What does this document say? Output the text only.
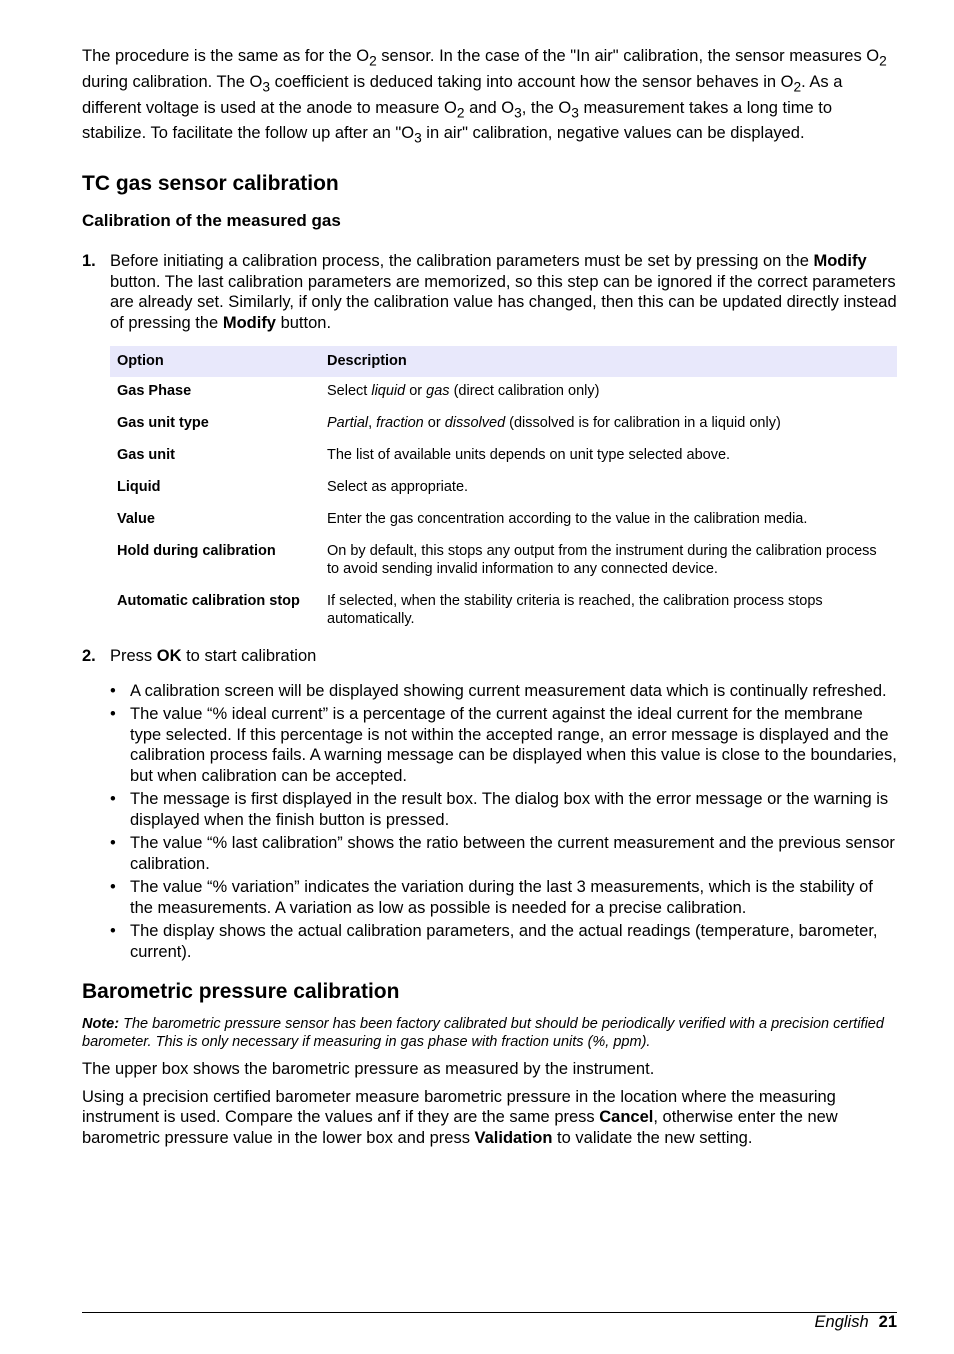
The procedure is the same as for the $O_2$ sensor. In the case of the "In air" calibration, the sensor measures $O_2$ during calibration. The $O_3$ coefficient is deduced taking into account how the sensor behaves in $O_2$. As a different voltage is used at the anode to measure $O_2$ and $O_3$, the $O_3$ measurement takes a long time to stabilize. To facilitate the follow up after an "$O_3$ in air" calibration, negative values can be displayed.

TC gas sensor calibration
Calibration of the measured gas
1. Before initiating a calibration process, the calibration parameters must be set by pressing on the Modify button. The last calibration parameters are memorized, so this step can be ignored if the correct parameters are already set. Similarly, if only the calibration value has changed, then this can be updated directly instead of pressing the Modify button.
Option	Description
Gas Phase	Select liquid or gas (direct calibration only)
Gas unit type	Partial, fraction or dissolved (dissolved is for calibration in a liquid only)
Gas unit	The list of available units depends on unit type selected above.
Liquid	Select as appropriate.
Value	Enter the gas concentration according to the value in the calibration media.
Hold during calibration	On by default, this stops any output from the instrument during the calibration process to avoid sending invalid information to any connected device.
Automatic calibration stop	If selected, when the stability criteria is reached, the calibration process stops automatically.
2. Press OK to start calibration
• A calibration screen will be displayed showing current measurement data which is continually refreshed.
• The value “% ideal current” is a percentage of the current against the ideal current for the membrane type selected. If this percentage is not within the accepted range, an error message is displayed and the calibration process fails. A warning message can be displayed when this value is close to the boundaries, but when calibration can be accepted.
• The message is first displayed in the result box. The dialog box with the error message or the warning is displayed when the finish button is pressed.
• The value “% last calibration” shows the ratio between the current measurement and the previous sensor calibration.
• The value “% variation” indicates the variation during the last 3 measurements, which is the stability of the measurements. A variation as low as possible is needed for a precise calibration.
• The display shows the actual calibration parameters, and the actual readings (temperature, barometer, current).
Barometric pressure calibration

Note: The barometric pressure sensor has been factory calibrated but should be periodically verified with a precision certified barometer. This is only necessary if measuring in gas phase with fraction units (%, ppm).

The upper box shows the barometric pressure as measured by the instrument.

Using a precision certified barometer measure barometric pressure in the location where the measuring instrument is used. Compare the values anf if they are the same press Cancel, otherwise enter the new barometric pressure value in the lower box and press Validation to validate the new setting.

English 21
